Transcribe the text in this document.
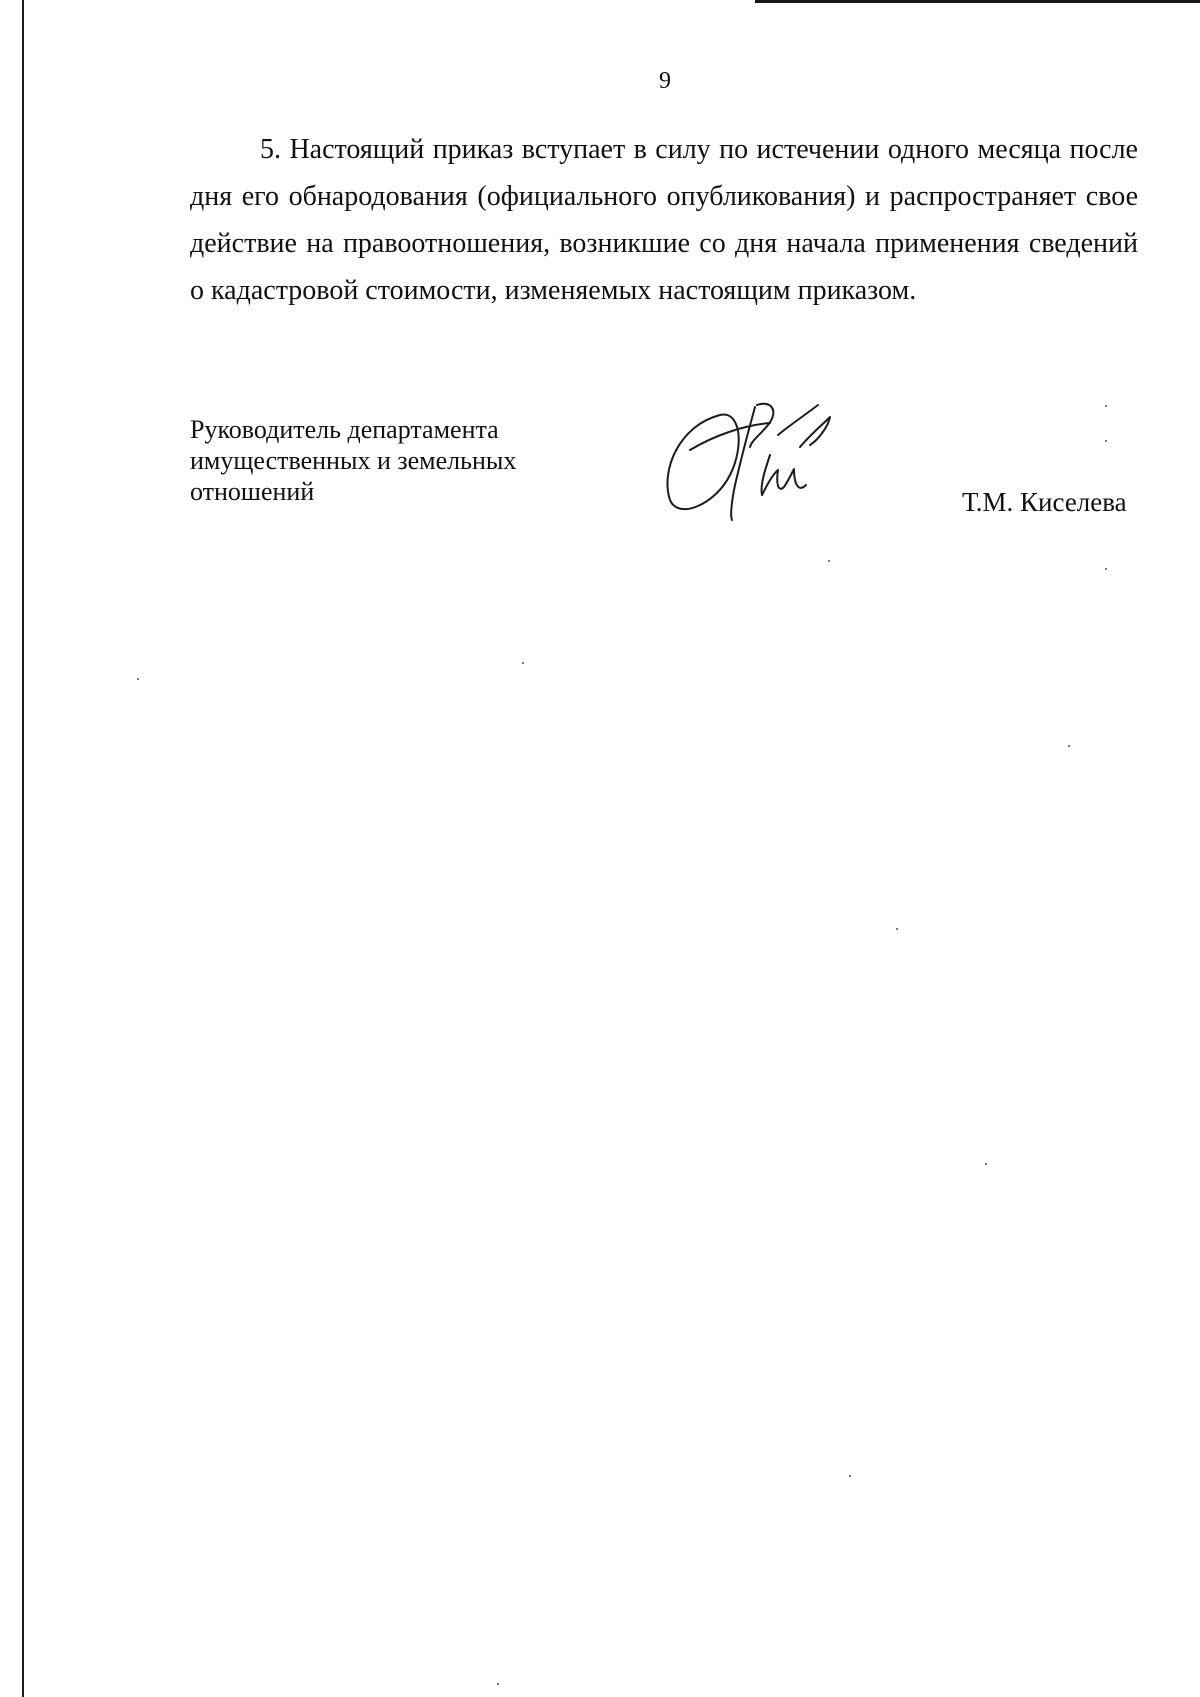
9

5. Настоящий приказ вступает в силу по истечении одного месяца после дня его обнародования (официального опубликования) и распространяет свое действие на правоотношения, возникшие со дня начала применения сведений о кадастровой стоимости, изменяемых настоящим приказом.

Руководитель департамента
имущественных и земельных
отношений	Т.М. Киселева
